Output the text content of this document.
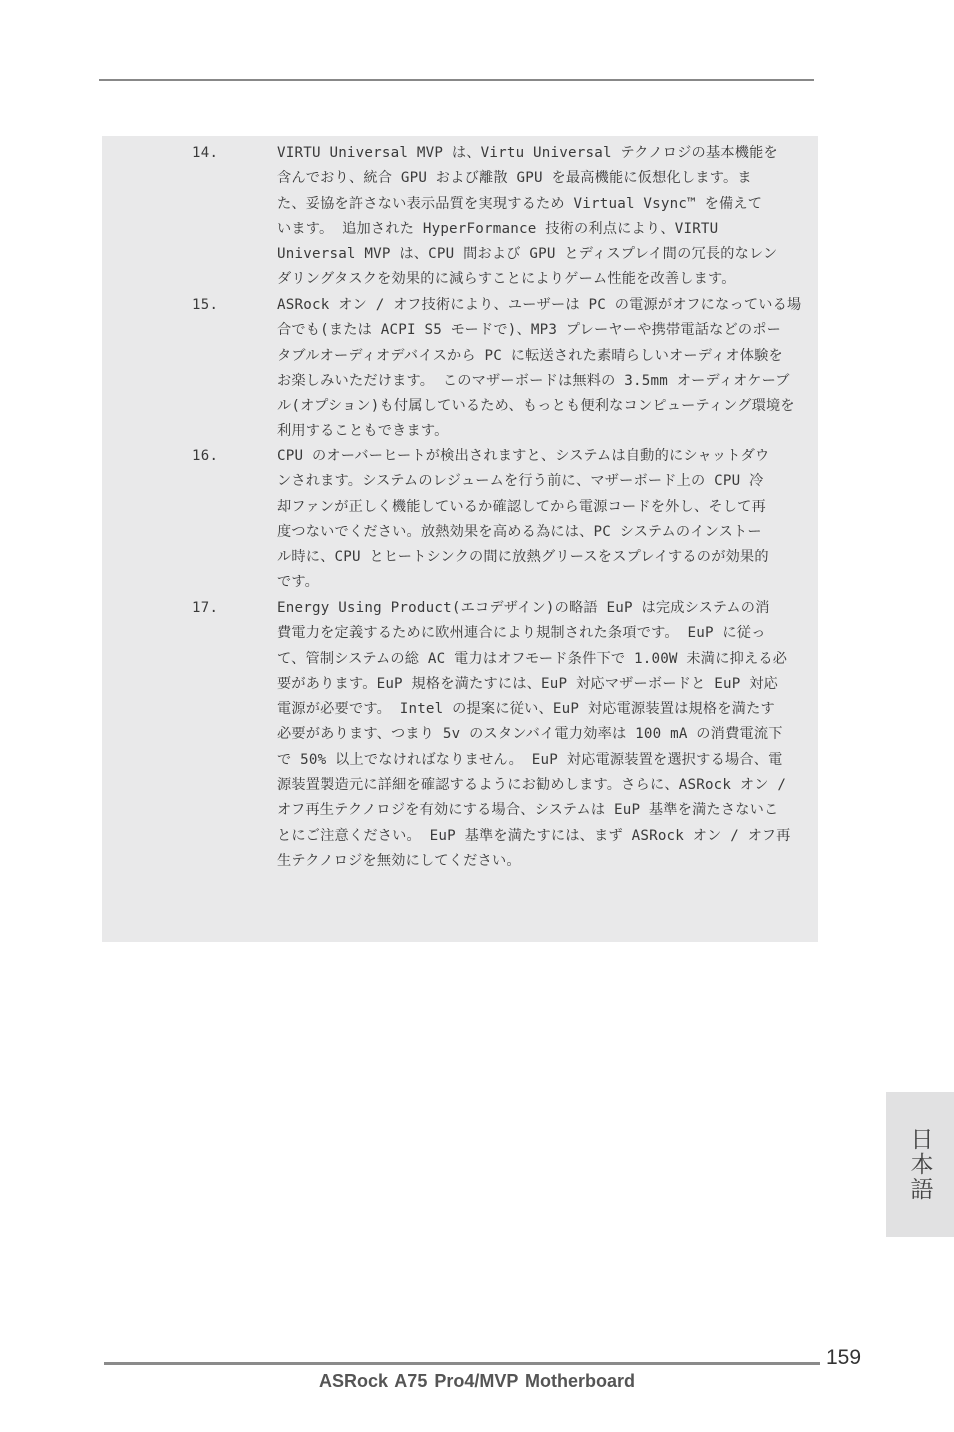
14.	VIRTU Universal MVP は、Virtu Universal テクノロジの基本機能を
含んでおり、統合 GPU および離散 GPU を最高機能に仮想化します。ま
た、妥協を許さない表示品質を実現するため Virtual Vsync™ を備えて
います。 追加された HyperFormance 技術の利点により、VIRTU
Universal MVP は、CPU 間および GPU とディスプレイ間の冗長的なレン
ダリングタスクを効果的に減らすことによりゲーム性能を改善します。
15.	ASRock オン / オフ技術により、ユーザーは PC の電源がオフになっている場
合でも(または ACPI S5 モードで)、MP3 プレーヤーや携帯電話などのポー
タブルオーディオデバイスから PC に転送された素晴らしいオーディオ体験を
お楽しみいただけます。 このマザーボードは無料の 3.5mm オーディオケーブ
ル(オプション)も付属しているため、もっとも便利なコンピューティング環境を
利用することもできます。
16.	CPU のオーバーヒートが検出されますと、システムは自動的にシャットダウ
ンされます。システムのレジュームを行う前に、マザーボード上の CPU 冷
却ファンが正しく機能しているか確認してから電源コードを外し、そして再
度つないでください。放熱効果を高める為には、PC システムのインストー
ル時に、CPU とヒートシンクの間に放熱グリースをスプレイするのが効果的
です。
17.	Energy Using Product(エコデザイン)の略語 EuP は完成システムの消
費電力を定義するために欧州連合により規制された条項です。 EuP に従っ
て、管制システムの総 AC 電力はオフモード条件下で 1.00W 未満に抑える必
要があります。EuP 規格を満たすには、EuP 対応マザーボードと EuP 対応
電源が必要です。 Intel の提案に従い、EuP 対応電源装置は規格を満たす
必要があります、つまり 5v のスタンバイ電力効率は 100 mA の消費電流下
で 50% 以上でなければなりません。 EuP 対応電源装置を選択する場合、電
源装置製造元に詳細を確認するようにお勧めします。さらに、ASRock オン /
オフ再生テクノロジを有効にする場合、システムは EuP 基準を満たさないこ
とにご注意ください。 EuP 基準を満たすには、まず ASRock オン / オフ再
生テクノロジを無効にしてください。
日本語
159
ASRock A75 Pro4/MVP Motherboard
